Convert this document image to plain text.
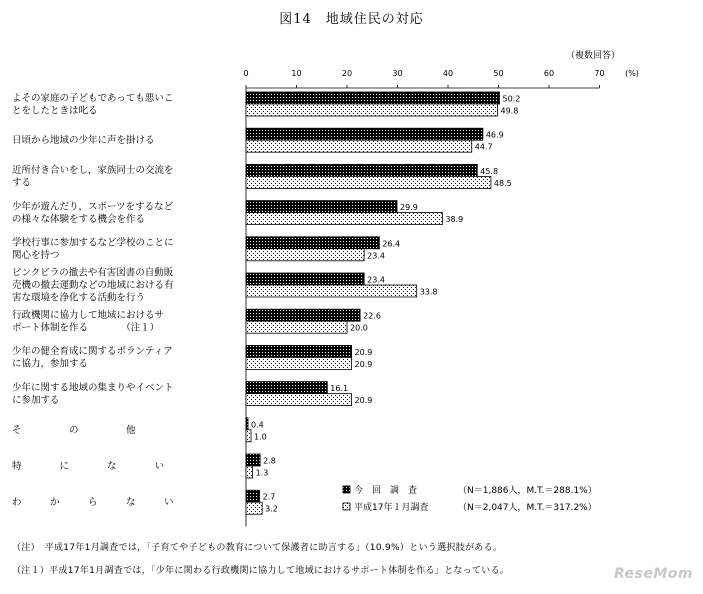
図14　地域住民の対応
（複数回答）
0	10	20	30	40	50	60	70	(%)
よその家庭の子どもであっても悪いことをしたときは叱る
日頃から地域の少年に声を掛ける
近所付き合いをし，家族同士の交流をする
少年が遊んだり，スポーツをするなどの様々な体験をする機会を作る
学校行事に参加するなど学校のことに関心を持つ
ピンクビラの撤去や有害図書の自動販売機の撤去運動などの地域における有害な環境を浄化する活動を行う
行政機関に協力して地域におけるサポート体制を作る　　　　（注１）
少年の健全育成に関するボランティアに協力，参加する
少年に関する地域の集まりやイベントに参加する
そ　　　　　の　　　　　他
特　　　　に　　　　な　　　　い
わ　　　か　　　ら　　　な　　　い
50.2
49.8
46.9
44.7
45.8
48.5
29.9
38.9
26.4
23.4
23.4
33.8
22.6
20.0
20.9
20.9
16.1
20.9
0.4
1.0
2.8
1.3
2.7
3.2
今　回　調　査	（N＝1,886人，M.T.＝288.1%）
平成17年１月調査	（N＝2,047人，M.T.＝317.2%）
（注）　平成17年1月調査では，「子育てや子どもの教育について保護者に助言する」（10.9%）という選択肢がある。
（注１）平成17年1月調査では，「少年に関わる行政機関に協力して地域におけるサポート体制を作る」となっている。	ReseMom
